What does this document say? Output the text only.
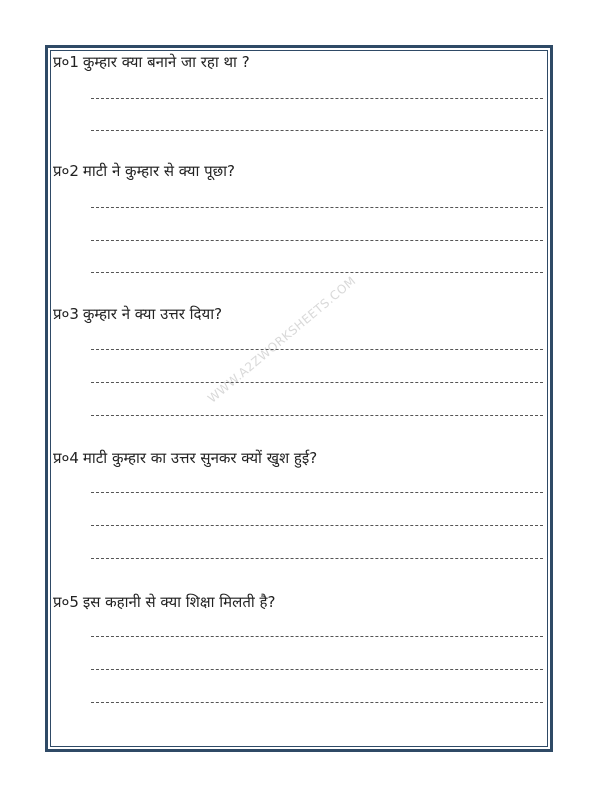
WWW.A2ZWORKSHEETS.COM
प्र०1 कुम्हार क्या बनाने जा रहा था ?
प्र०2 माटी ने कुम्हार से क्या पूछा?
प्र०3 कुम्हार ने क्या उत्तर दिया?
प्र०4 माटी कुम्हार का उत्तर सुनकर क्यों खुश हुई?
प्र०5 इस कहानी से क्या शिक्षा मिलती है?
